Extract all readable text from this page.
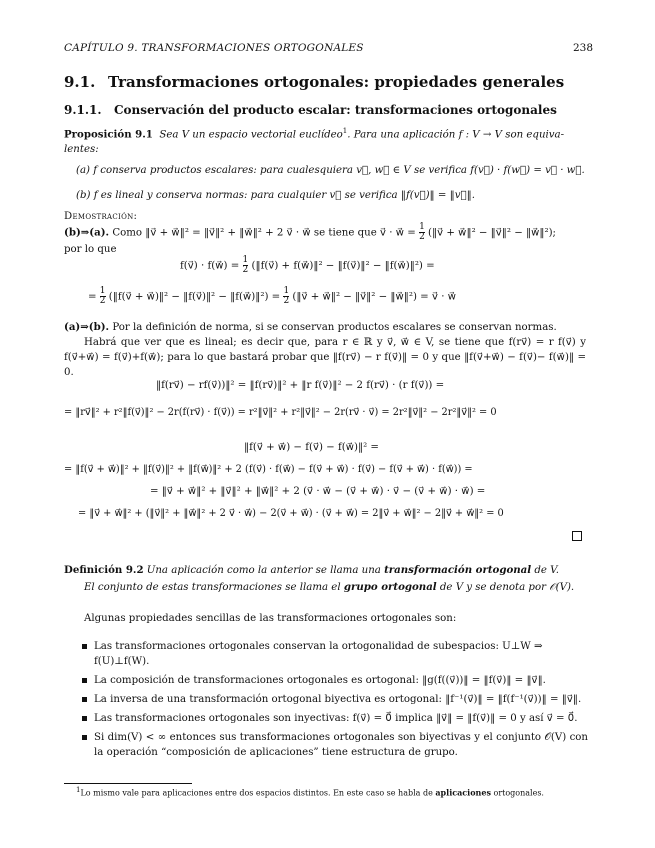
CAPÍTULO 9. TRANSFORMACIONES ORTOGONALES	238
9.1. Transformaciones ortogonales: propiedades generales
9.1.1. Conservación del producto escalar: transformaciones ortogonales
Proposición 9.1 Sea V un espacio vectorial euclídeo$^1$. Para una aplicación f : V → V son equiva-
lentes:
(a) f conserva productos escalares: para cualesquiera v⃗, w⃗ ∈ V se verifica f(v⃗) · f(w⃗) = v⃗ · w⃗.
(b) f es lineal y conserva normas: para cualquier v⃗ se verifica ‖f(v⃗)‖ = ‖v⃗‖.
Demostración:
(b)⇒(a). Como ‖v⃗ + w⃗‖² = ‖v⃗‖² + ‖w⃗‖² + 2 v⃗ · w⃗ se tiene que v⃗ · w⃗ = $\frac{1}{2}$ (‖v⃗ + w⃗‖² − ‖v⃗‖² − ‖w⃗‖²);
por lo que
f(v⃗) · f(w⃗) = $\frac{1}{2}$ (‖f(v⃗) + f(w⃗)‖² − ‖f(v⃗)‖² − ‖f(w⃗)‖²) =
= $\frac{1}{2}$ (‖f(v⃗ + w⃗)‖² − ‖f(v⃗)‖² − ‖f(w⃗)‖²) = $\frac{1}{2}$ (‖v⃗ + w⃗‖² − ‖v⃗‖² − ‖w⃗‖²) = v⃗ · w⃗
(a)⇒(b). Por la definición de norma, si se conservan productos escalares se conservan normas.
Habrá que ver que es lineal; es decir que, para r ∈ ℝ y v⃗, w⃗ ∈ V, se tiene que f(rv⃗) = r f(v⃗) y f(v⃗+w⃗) = f(v⃗)+f(w⃗); para lo que bastará probar que ‖f(rv⃗) − r f(v⃗)‖ = 0 y que ‖f(v⃗+w⃗) − f(v⃗)− f(w⃗)‖ = 0.
‖f(rv⃗) − rf(v⃗))‖² = ‖f(rv⃗)‖² + ‖r f(v⃗)‖² − 2 f(rv⃗) · (r f(v⃗)) =
= ‖rv⃗‖² + r²‖f(v⃗)‖² − 2r(f(rv⃗) · f(v⃗)) = r²‖v⃗‖² + r²‖v⃗‖² − 2r(rv⃗ · v⃗) = 2r²‖v⃗‖² − 2r²‖v⃗‖² = 0
‖f(v⃗ + w⃗) − f(v⃗) − f(w⃗)‖² =
= ‖f(v⃗ + w⃗)‖² + ‖f(v⃗)‖² + ‖f(w⃗)‖² + 2 (f(v⃗) · f(w⃗) − f(v⃗ + w⃗) · f(v⃗) − f(v⃗ + w⃗) · f(w⃗)) =
= ‖v⃗ + w⃗‖² + ‖v⃗‖² + ‖w⃗‖² + 2 (v⃗ · w⃗ − (v⃗ + w⃗) · v⃗ − (v⃗ + w⃗) · w⃗) =
= ‖v⃗ + w⃗‖² + (‖v⃗‖² + ‖w⃗‖² + 2 v⃗ · w⃗) − 2(v⃗ + w⃗) · (v⃗ + w⃗) = 2‖v⃗ + w⃗‖² − 2‖v⃗ + w⃗‖² = 0
Definición 9.2 Una aplicación como la anterior se llama una transformación ortogonal de V.
El conjunto de estas transformaciones se llama el grupo ortogonal de V y se denota por 𝒪(V).
Algunas propiedades sencillas de las transformaciones ortogonales son:
Las transformaciones ortogonales conservan la ortogonalidad de subespacios: U⊥W ⇒ f(U)⊥f(W).
La composición de transformaciones ortogonales es ortogonal: ‖g(f((v⃗))‖ = ‖f(v⃗)‖ = ‖v⃗‖.
La inversa de una transformación ortogonal biyectiva es ortogonal: ‖f⁻¹(v⃗)‖ = ‖f(f⁻¹(v⃗))‖ = ‖v⃗‖.
Las transformaciones ortogonales son inyectivas: f(v⃗) = 0⃗ implica ‖v⃗‖ = ‖f(v⃗)‖ = 0 y así v⃗ = 0⃗.
Si dim(V) < ∞ entonces sus transformaciones ortogonales son biyectivas y el conjunto 𝒪(V) con la operación “composición de aplicaciones” tiene estructura de grupo.
$^1$Lo mismo vale para aplicaciones entre dos espacios distintos. En este caso se habla de aplicaciones ortogonales.
